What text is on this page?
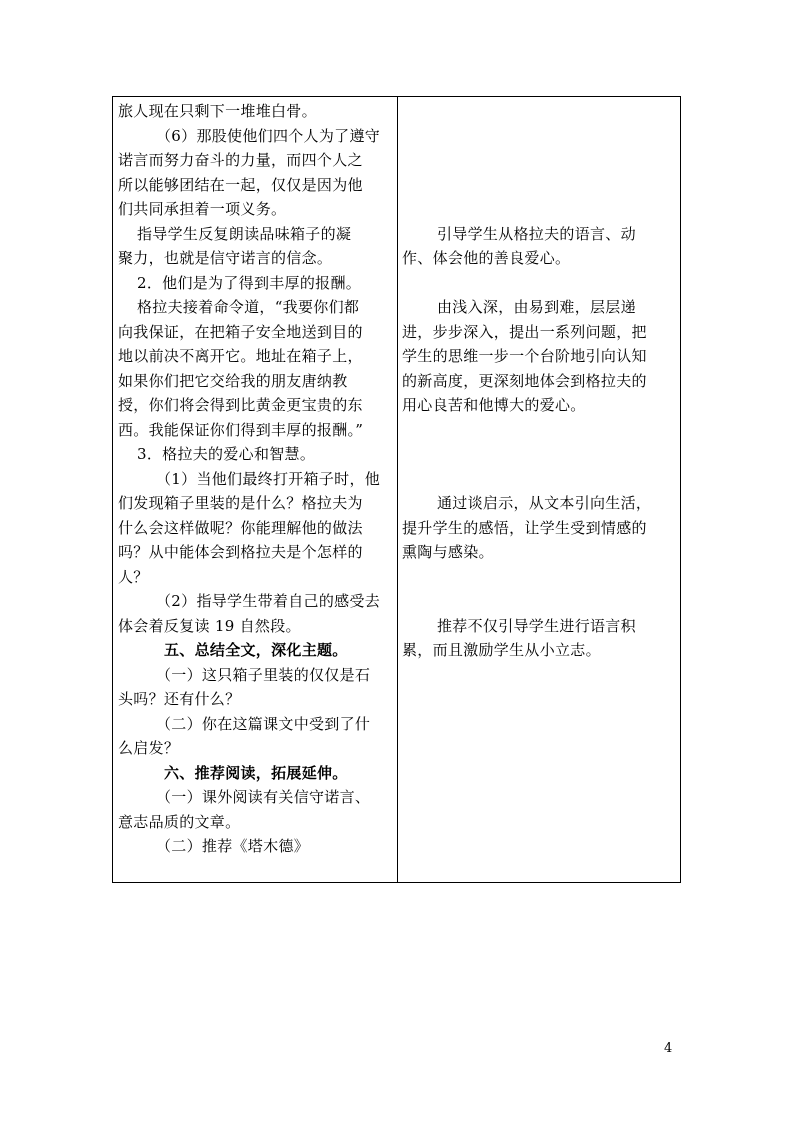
旅人现在只剩下一堆堆白骨。
（6）那股使他们四个人为了遵守
诺言而努力奋斗的力量，而四个人之
所以能够团结在一起，仅仅是因为他
们共同承担着一项义务。
指导学生反复朗读品味箱子的凝
聚力，也就是信守诺言的信念。
2．他们是为了得到丰厚的报酬。
格拉夫接着命令道，“我要你们都
向我保证，在把箱子安全地送到目的
地以前决不离开它。地址在箱子上，
如果你们把它交给我的朋友唐纳教
授，你们将会得到比黄金更宝贵的东
西。我能保证你们得到丰厚的报酬。”
3．格拉夫的爱心和智慧。
（1）当他们最终打开箱子时，他
们发现箱子里装的是什么？格拉夫为
什么会这样做呢？你能理解他的做法
吗？从中能体会到格拉夫是个怎样的
人？
（2）指导学生带着自己的感受去
体会着反复读 19 自然段。
五、总结全文，深化主题。
（一）这只箱子里装的仅仅是石
头吗？还有什么？
（二）你在这篇课文中受到了什
么启发？
六、推荐阅读，拓展延伸。
（一）课外阅读有关信守诺言、
意志品质的文章。
（二）推荐《塔木德》
引导学生从格拉夫的语言、动
作、体会他的善良爱心。
由浅入深，由易到难，层层递
进，步步深入，提出一系列问题，把
学生的思维一步一个台阶地引向认知
的新高度，更深刻地体会到格拉夫的
用心良苦和他博大的爱心。
通过谈启示，从文本引向生活，
提升学生的感悟，让学生受到情感的
熏陶与感染。
推荐不仅引导学生进行语言积
累，而且激励学生从小立志。
4
